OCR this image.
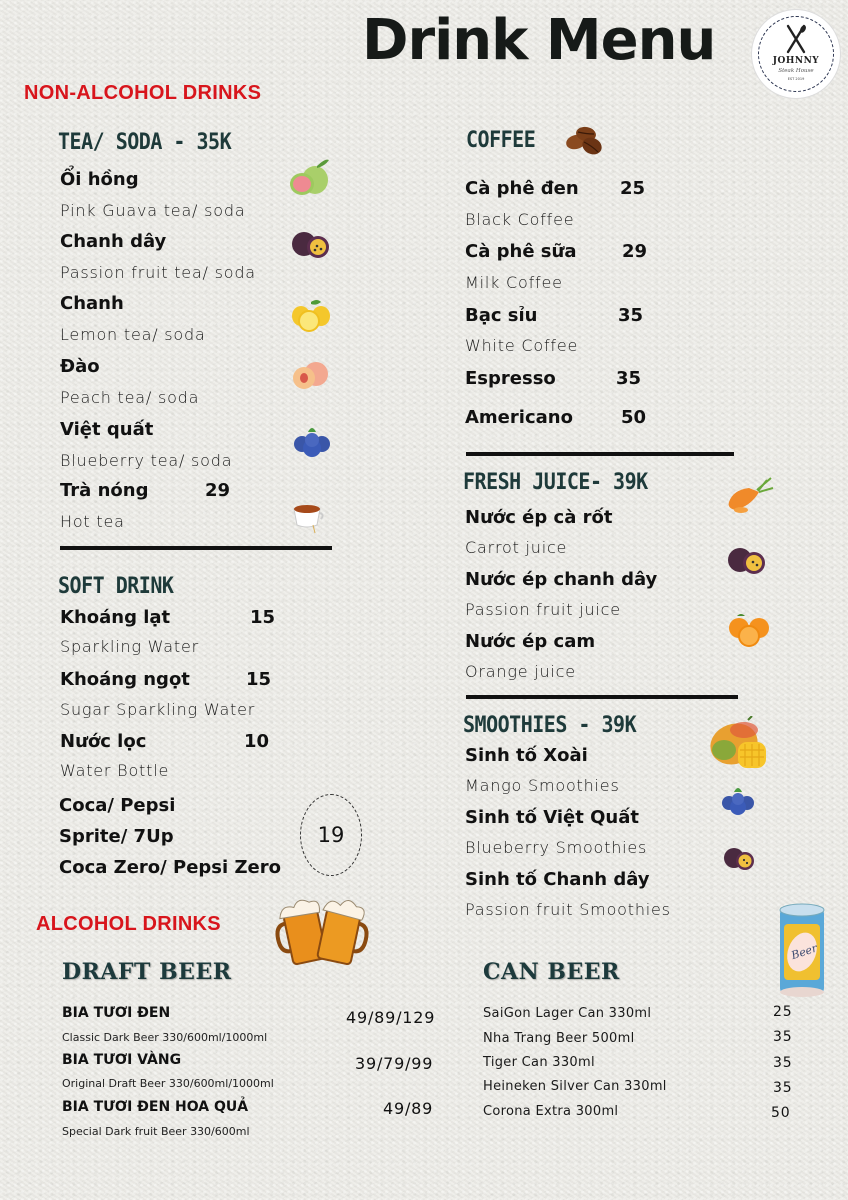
Drink Menu	JOHNNY
Steak House
EST 2019
NON-ALCOHOL DRINKS
TEA/ SODA - 35K
Ổi hồng
Pink Guava tea/ soda
Chanh dây
Passion fruit tea/ soda
Chanh
Lemon tea/ soda
Đào
Peach tea/ soda
Việt quất
Blueberry tea/ soda
Trà nóng	29
Hot tea
SOFT DRINK
Khoáng lạt	15
Sparkling Water
Khoáng ngọt	15
Sugar Sparkling Water
Nước lọc	10
Water Bottle
Coca/ Pepsi
Sprite/ 7Up
Coca Zero/ Pepsi Zero
19
ALCOHOL DRINKS
DRAFT BEER
BIA TƯƠI ĐEN	49/89/129
Classic Dark Beer 330/600ml/1000ml
BIA TƯƠI VÀNG	39/79/99
Original Draft Beer 330/600ml/1000ml
BIA TƯƠI ĐEN HOA QUẢ	49/89
Special Dark fruit Beer 330/600ml
COFFEE
Cà phê đen 25
Black Coffee
Cà phê sữa	29
Milk Coffee
Bạc sỉu	35
White Coffee
Espresso	35
Americano	50
FRESH JUICE- 39K
Nước ép cà rốt
Carrot juice
Nước ép chanh dây
Passion fruit juice
Nước ép cam
Orange juice
SMOOTHIES - 39K
Sinh tố Xoài
Mango Smoothies
Sinh tố Việt Quất
Blueberry Smoothies
Sinh tố Chanh dây
Passion fruit Smoothies
Beer
CAN BEER
SaiGon Lager Can 330ml	25
Nha Trang Beer 500ml	35
Tiger Can 330ml	35
Heineken Silver Can 330ml	35
Corona Extra 300ml	50
